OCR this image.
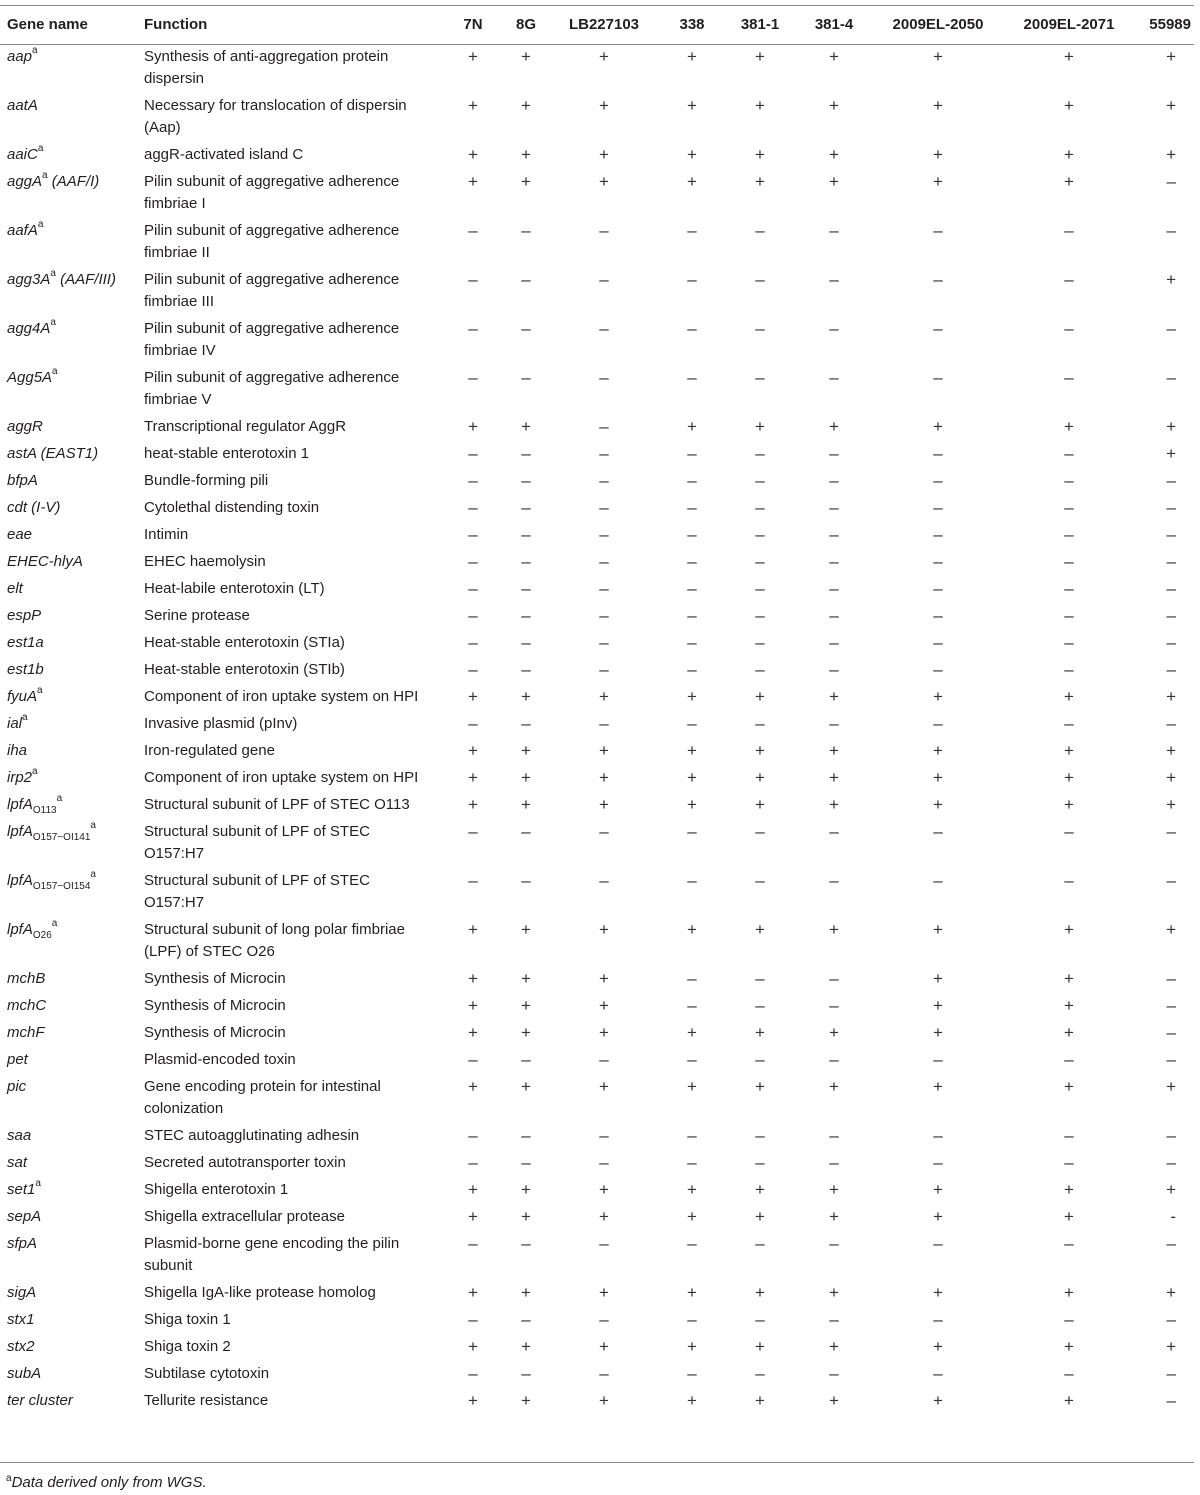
Gene name	Function	7N	8G	LB227103	338	381-1	381-4	2009EL-2050	2009EL-2071	55989
aap$^a$	Synthesis of anti-aggregation protein dispersin	+	+	+	+	+	+	+	+	+
aatA	Necessary for translocation of dispersin (Aap)	+	+	+	+	+	+	+	+	+
aaiC$^a$	aggR-activated island C	+	+	+	+	+	+	+	+	+
aggA$^a$ (AAF/I)	Pilin subunit of aggregative adherence fimbriae I	+	+	+	+	+	+	+	+	–
aafA$^a$	Pilin subunit of aggregative adherence fimbriae II	–	–	–	–	–	–	–	–	–
$agg3A^a$ (AAF/III)	Pilin subunit of aggregative adherence fimbriae III	–	–	–	–	–	–	–	–	+
$agg4A^a$	Pilin subunit of aggregative adherence fimbriae IV	–	–	–	–	–	–	–	–	–
$Agg5A^a$	Pilin subunit of aggregative adherence fimbriae V	–	–	–	–	–	–	–	–	–
aggR	Transcriptional regulator AggR	+	+	–	+	+	+	+	+	+
astA (EAST1)	heat-stable enterotoxin 1	–	–	–	–	–	–	–	–	+
bfpA	Bundle-forming pili	–	–	–	–	–	–	–	–	–
cdt (I-V)	Cytolethal distending toxin	–	–	–	–	–	–	–	–	–
eae	Intimin	–	–	–	–	–	–	–	–	–
EHEC-hlyA	EHEC haemolysin	–	–	–	–	–	–	–	–	–
elt	Heat-labile enterotoxin (LT)	–	–	–	–	–	–	–	–	–
espP	Serine protease	–	–	–	–	–	–	–	–	–
est1a	Heat-stable enterotoxin (STIa)	–	–	–	–	–	–	–	–	–
est1b	Heat-stable enterotoxin (STIb)	–	–	–	–	–	–	–	–	–
fyuA$^a$	Component of iron uptake system on HPI	+	+	+	+	+	+	+	+	+
ial$^a$	Invasive plasmid (pInv)	–	–	–	–	–	–	–	–	–
iha	Iron-regulated gene	+	+	+	+	+	+	+	+	+
$irp2^a$	Component of iron uptake system on HPI	+	+	+	+	+	+	+	+	+
lpfA$_{O113}^a$	Structural subunit of LPF of STEC O113	+	+	+	+	+	+	+	+	+
lpfA$_{O157-OI141}^a$	Structural subunit of LPF of STEC O157:H7	–	–	–	–	–	–	–	–	–
lpfA$_{O157-OI154}^a$	Structural subunit of LPF of STEC O157:H7	–	–	–	–	–	–	–	–	–
lpfA$_{O26}^a$	Structural subunit of long polar fimbriae (LPF) of STEC O26	+	+	+	+	+	+	+	+	+
mchB	Synthesis of Microcin	+	+	+	–	–	–	+	+	–
mchC	Synthesis of Microcin	+	+	+	–	–	–	+	+	–
mchF	Synthesis of Microcin	+	+	+	+	+	+	+	+	–
pet	Plasmid-encoded toxin	–	–	–	–	–	–	–	–	–
pic	Gene encoding protein for intestinal colonization	+	+	+	+	+	+	+	+	+
saa	STEC autoagglutinating adhesin	–	–	–	–	–	–	–	–	–
sat	Secreted autotransporter toxin	–	–	–	–	–	–	–	–	–
set1$^a$	Shigella enterotoxin 1	+	+	+	+	+	+	+	+	+
sepA	Shigella extracellular protease	+	+	+	+	+	+	+	+	-
sfpA	Plasmid-borne gene encoding the pilin subunit	–	–	–	–	–	–	–	–	–
sigA	Shigella IgA-like protease homolog	+	+	+	+	+	+	+	+	+
stx1	Shiga toxin 1	–	–	–	–	–	–	–	–	–
stx2	Shiga toxin 2	+	+	+	+	+	+	+	+	+
subA	Subtilase cytotoxin	–	–	–	–	–	–	–	–	–
ter cluster	Tellurite resistance	+	+	+	+	+	+	+	+	–
$^a$Data derived only from WGS.
